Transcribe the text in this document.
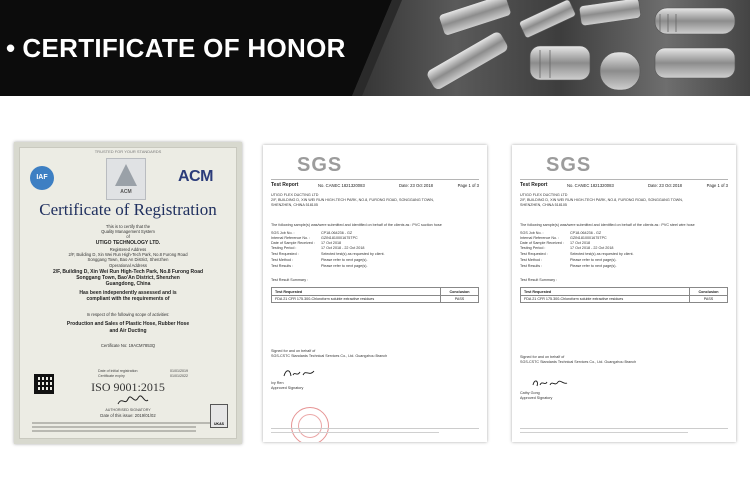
• CERTIFICATE OF HONOR
TRUSTED FOR YOUR STANDARDS
IAF
ACM
ACM
Certificate of Registration
This is to certify that the
Quality Management System
of
UTIGO TECHNOLOGY LTD.
Registered Address
2/F, Building D, Xin Wei Run High-Tech Park, No.8 Furong Road
Songgang Town, Bao An District, Shenzhen
Operational Address
2/F, Building D, Xin Wei Run High-Tech Park, No.8 Furong Road
Songgang Town, Bao'An District, Shenzhen
Guangdong, China
Has been independently assessed and is
compliant with the requirements of
In respect of the following scope of activities:
Production and Sales of Plastic Hose, Rubber Hose
and Air Ducting
Certificate No: 19ACM7853Q
ISO 9001:2015
Date of initial registration	01/01/2019
Certificate expiry	01/01/2022
AUTHORISED SIGNATORY
Date of this issue: 2019/01/02
UKAS
SGS
Test Report	No. CANEC 1821320083	Date: 23 Oct 2018	Page 1 of 3
UTIGO FLEX DUCTING LTD
2/F, BUILDING D, XIN WEI RUN HIGH-TECH PARK, NO.8, FURONG ROAD, SONGGANG TOWN,
SHENZHEN, CHINA 518105
The following sample(s) was/were submitted and identified on behalf of the clients as : PVC suction hose
SGS Job No. :	CP18-064236 - GZ
Internal Reference No. :	GZIN1810001675TPC
Date of Sample Received : 17 Oct 2018
Testing Period :	17 Oct 2018 - 22 Oct 2018
Test Requested :	Selected test(s) as requested by client.
Test Method :	Please refer to next page(s).
Test Results :	Please refer to next page(s).
Test Result Summary :
Test Requested	Conclusion
FDA 21 CFR 175.300-Chloroform soluble extractive residues	PASS
Signed for and on behalf of
SGS-CSTC Standards Technical Services Co., Ltd. Guangzhou Branch
Ivy Ren
Approved Signatory
SGS
Test Report	No. CANEC 1821320083	Date: 23 Oct 2018	Page 1 of 3
UTIGO FLEX DUCTING LTD
2/F, BUILDING D, XIN WEI RUN HIGH-TECH PARK, NO.8, FURONG ROAD, SONGGANG TOWN,
SHENZHEN, CHINA 518105
The following sample(s) was/were submitted and identified on behalf of the clients as : PVC steel wire hose
SGS Job No. :	CP18-064236 - GZ
Internal Reference No. :	GZIN1810001675TPC
Date of Sample Received : 17 Oct 2018
Testing Period :	17 Oct 2018 - 22 Oct 2018
Test Requested :	Selected test(s) as requested by client.
Test Method :	Please refer to next page(s).
Test Results :	Please refer to next page(s).
Test Result Summary :
Test Requested	Conclusion
FDA 21 CFR 175.300-Chloroform soluble extractive residues	PASS
Signed for and on behalf of
SGS-CSTC Standards Technical Services Co., Ltd. Guangzhou Branch
Cathy Gong
Approved Signatory
